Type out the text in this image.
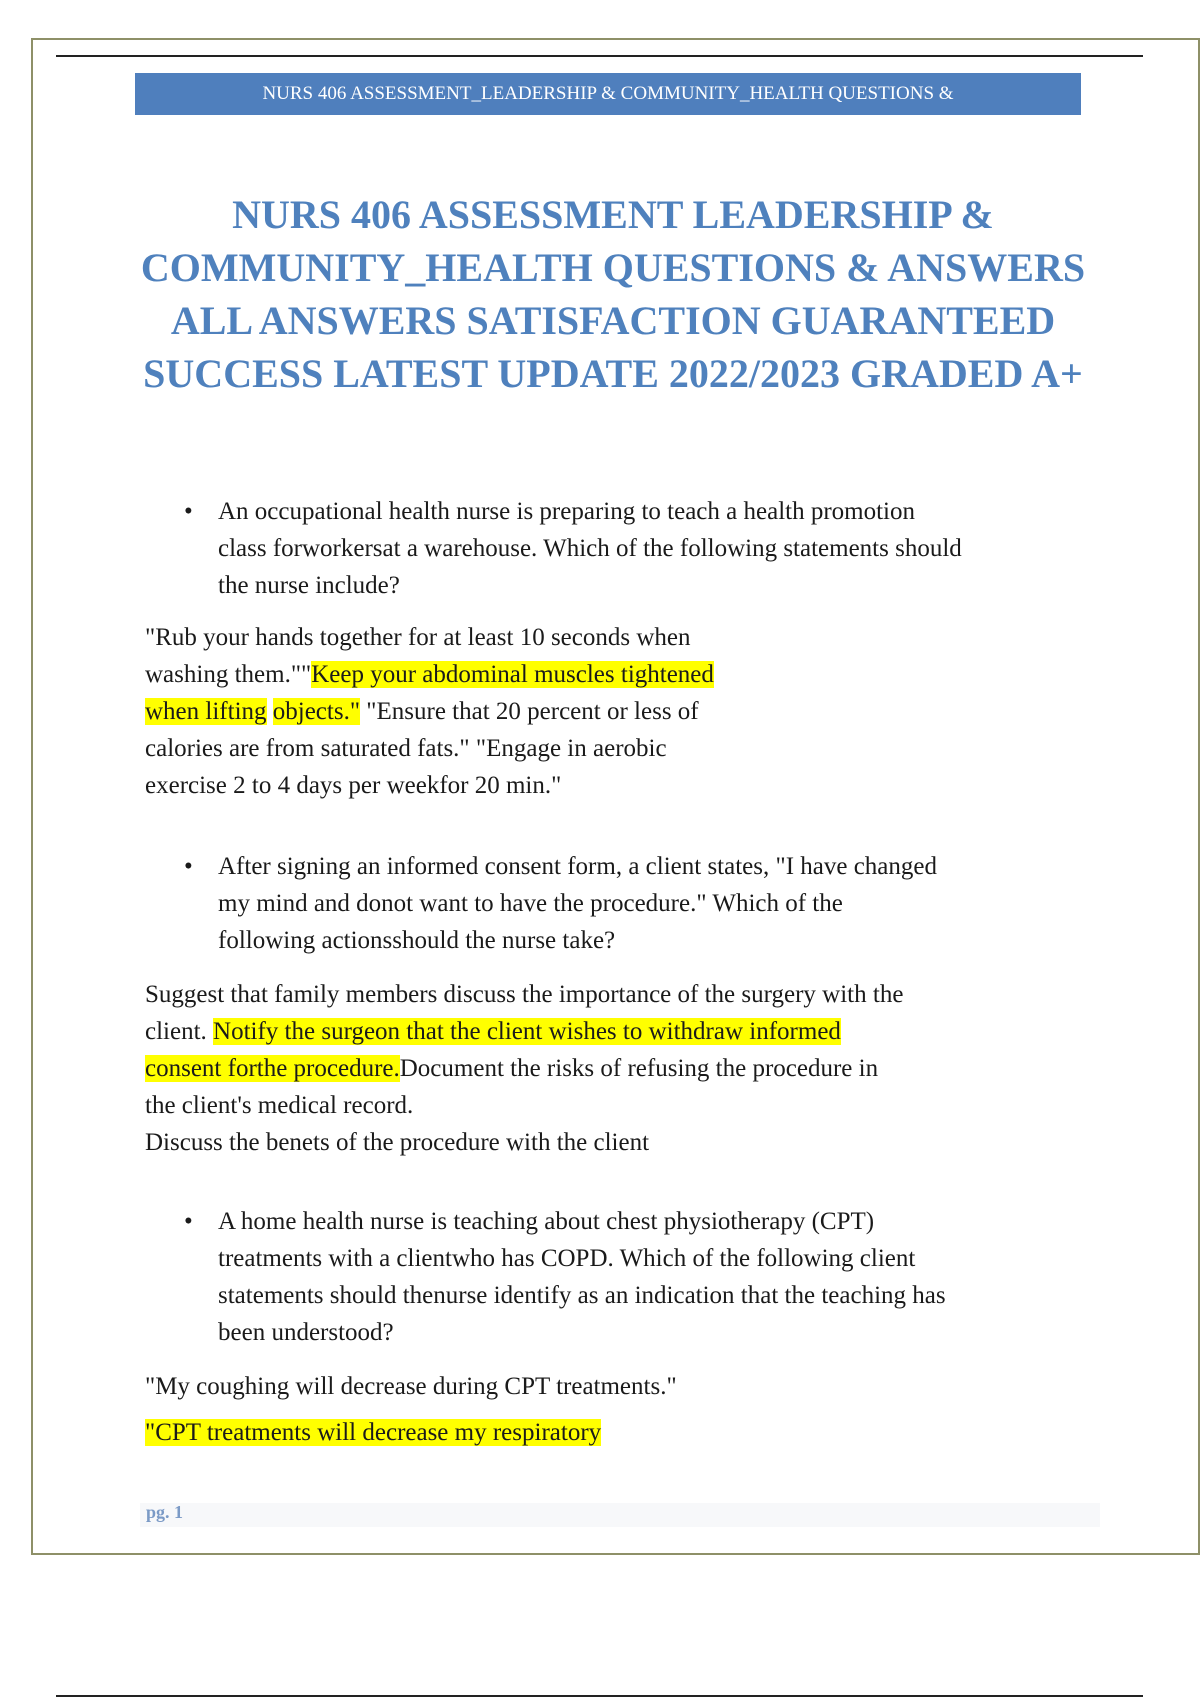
NURS 406 ASSESSMENT_LEADERSHIP & COMMUNITY_HEALTH QUESTIONS &
NURS 406 ASSESSMENT LEADERSHIP &
COMMUNITY_HEALTH QUESTIONS & ANSWERS
ALL ANSWERS SATISFACTION GUARANTEED
SUCCESS LATEST UPDATE 2022/2023 GRADED A+
• An occupational health nurse is preparing to teach a health promotion
class forworkersat a warehouse. Which of the following statements should
the nurse include?
"Rub your hands together for at least 10 seconds when
washing them.""Keep your abdominal muscles tightened
when lifting objects." "Ensure that 20 percent or less of
calories are from saturated fats." "Engage in aerobic
exercise 2 to 4 days per weekfor 20 min."
• After signing an informed consent form, a client states, "I have changed
my mind and donot want to have the procedure." Which of the
following actionsshould the nurse take?
Suggest that family members discuss the importance of the surgery with the
client. Notify the surgeon that the client wishes to withdraw informed
consent forthe procedure.Document the risks of refusing the procedure in
the client's medical record.
Discuss the benets of the procedure with the client
• A home health nurse is teaching about chest physiotherapy (CPT)
treatments with a clientwho has COPD. Which of the following client
statements should thenurse identify as an indication that the teaching has
been understood?
"My coughing will decrease during CPT treatments."
"CPT treatments will decrease my respiratory
pg. 1
